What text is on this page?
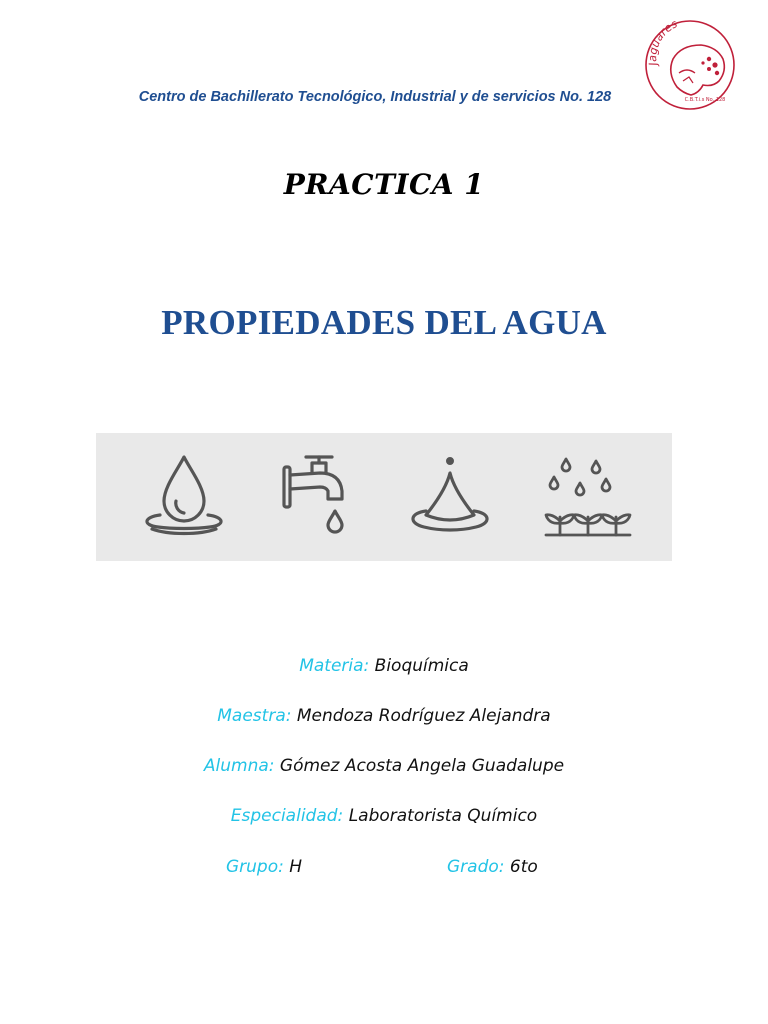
Jaguares
C.B.T.i.s No. 128
Centro de Bachillerato Tecnológico, Industrial y de servicios No. 128
PRACTICA 1
PROPIEDADES DEL AGUA
Materia: Bioquímica
Maestra: Mendoza Rodríguez Alejandra
Alumna: Gómez Acosta Angela Guadalupe
Especialidad: Laboratorista Químico
Grupo: H	Grado: 6to
